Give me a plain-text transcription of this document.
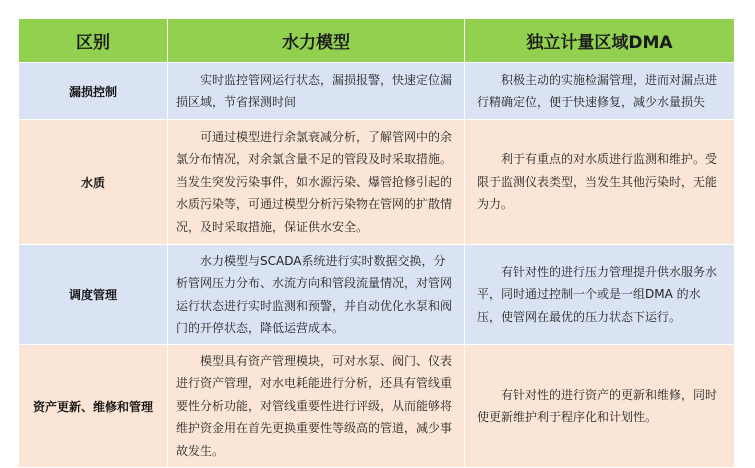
区别	水力模型	独立计量区域DMA
漏损控制	实时监控管网运行状态，漏损报警，快速定位漏损区域，节省探测时间	积极主动的实施检漏管理，进而对漏点进行精确定位，便于快速修复，减少水量损失

水质	可通过模型进行余氯衰减分析，了解管网中的余氯分布情况，对余氯含量不足的管段及时采取措施。当发生突发污染事件，如水源污染、爆管抢修引起的水质污染等，可通过模型分析污染物在管网的扩散情况，及时采取措施，保证供水安全。	利于有重点的对水质进行监测和维护。受限于监测仪表类型，当发生其他污染时，无能为力。

调度管理	水力模型与SCADA系统进行实时数据交换，分析管网压力分布、水流方向和管段流量情况，对管网运行状态进行实时监测和预警，并自动优化水泵和阀门的开停状态，降低运营成本。	有针对性的进行压力管理提升供水服务水平，同时通过控制一个或是一组DMA 的水压，使管网在最优的压力状态下运行。

资产更新、维修和管理	模型具有资产管理模块，可对水泵、阀门、仪表进行资产管理，对水电耗能进行分析，还具有管线重要性分析功能，对管线重要性进行评级，从而能够将维护资金用在首先更换重要性等级高的管道，减少事故发生。	有针对性的进行资产的更新和维修，同时使更新维护利于程序化和计划性。
